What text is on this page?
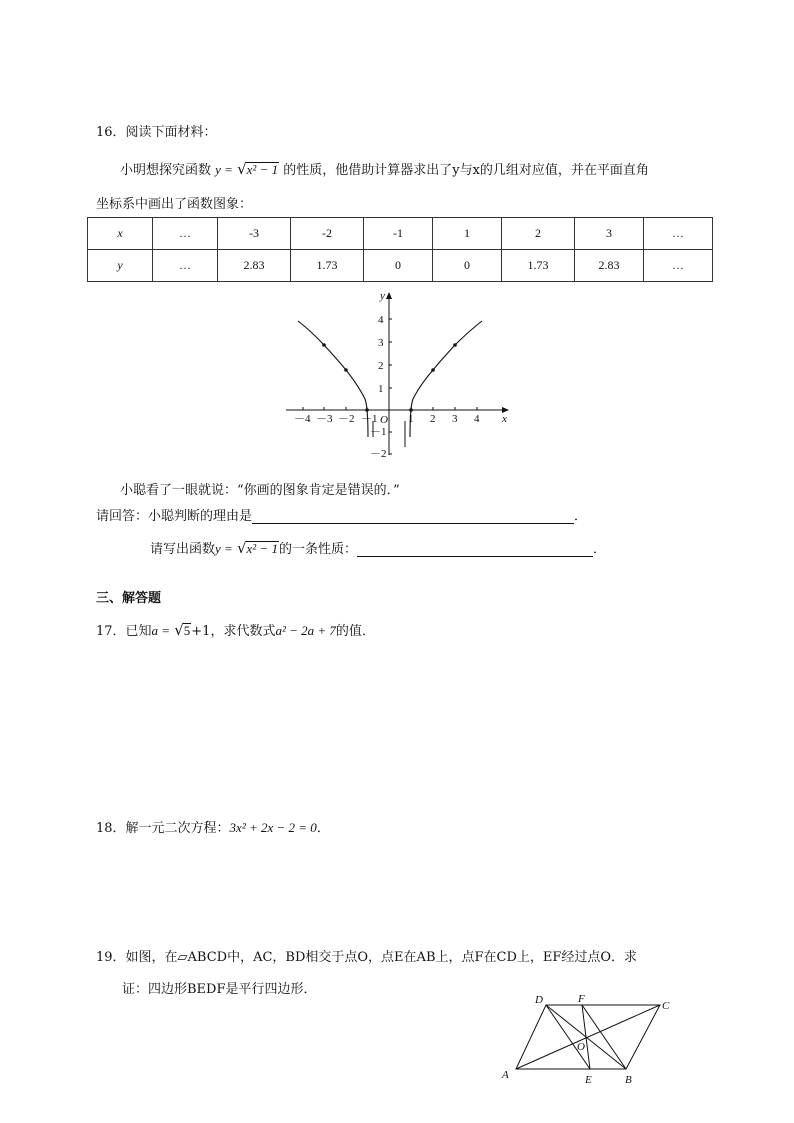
16．阅读下面材料：
小明想探究函数 y = √x² − 1 的性质，他借助计算器求出了y与x的几组对应值，并在平面直角
坐标系中画出了函数图象：
x	…	-3	-2	-1	1	2	3	…
y	…	2.83	1.73	0	0	1.73	2.83	…
－4 －3 －2 －1	1 2 3 4
4
3
2
1
－1
－2
O	x
y
小聪看了一眼就说：“你画的图象肯定是错误的．”
请回答：小聪判断的理由是	．
请写出函数y = √x² − 1的一条性质：	．
三、解答题
17．已知a = √5+1，求代数式a² − 2a + 7的值．
18．解一元二次方程：3x² + 2x − 2 = 0．
19．如图，在▱ABCD中，AC，BD相交于点O，点E在AB上，点F在CD上，EF经过点O．求
证：四边形BEDF是平行四边形．
A	B
C
D
E
F
O
